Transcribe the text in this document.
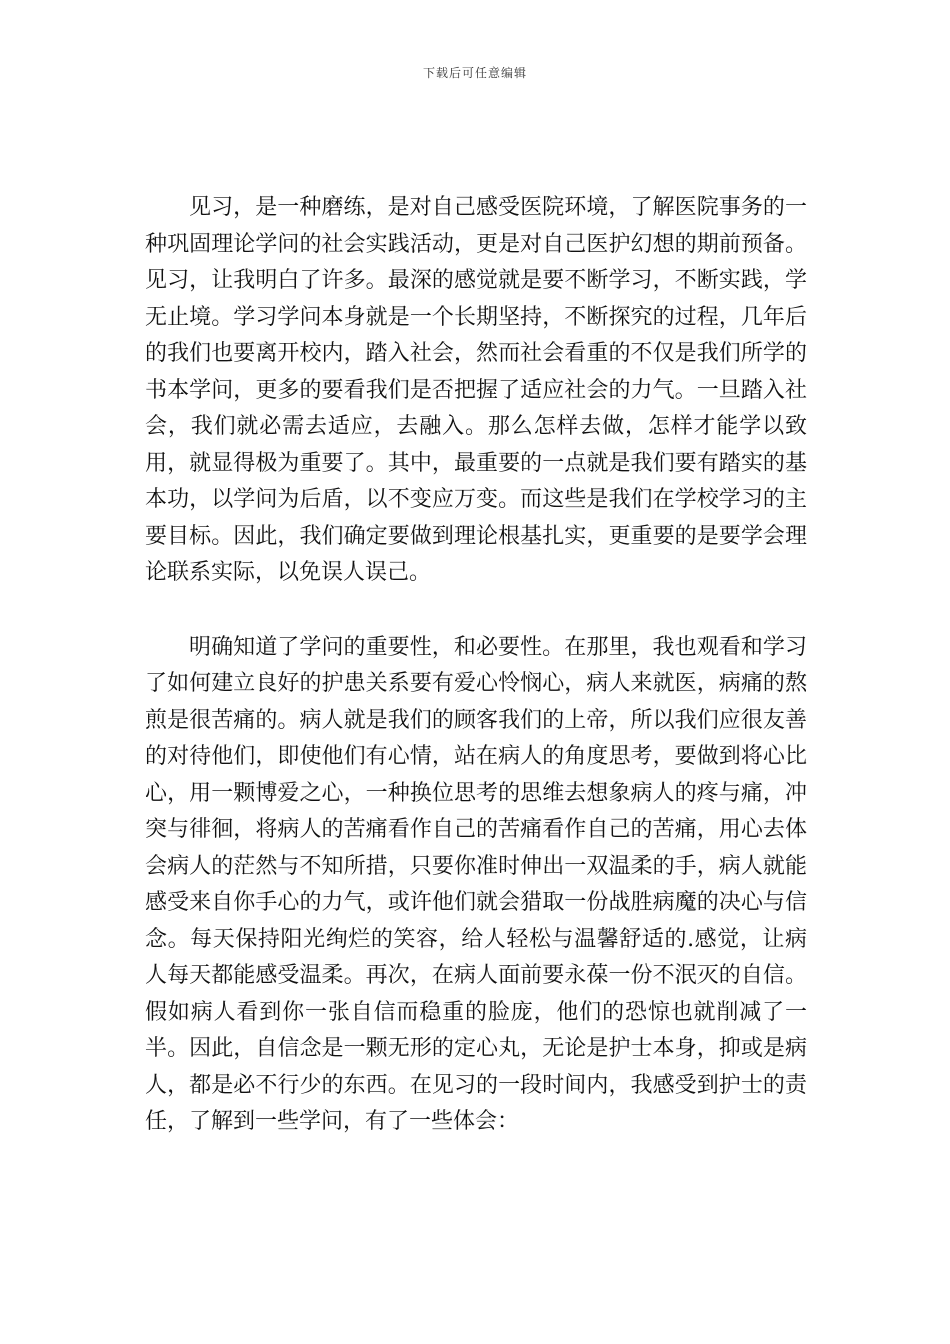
下载后可任意编辑

见习，是一种磨练，是对自己感受医院环境，了解医院事务的一种巩固理论学问的社会实践活动，更是对自己医护幻想的期前预备。见习，让我明白了许多。最深的感觉就是要不断学习，不断实践，学无止境。学习学问本身就是一个长期坚持，不断探究的过程，几年后的我们也要离开校内，踏入社会，然而社会看重的不仅是我们所学的书本学问，更多的要看我们是否把握了适应社会的力气。一旦踏入社会，我们就必需去适应，去融入。那么怎样去做，怎样才能学以致用，就显得极为重要了。其中，最重要的一点就是我们要有踏实的基本功，以学问为后盾，以不变应万变。而这些是我们在学校学习的主要目标。因此，我们确定要做到理论根基扎实，更重要的是要学会理论联系实际，以免误人误己。

明确知道了学问的重要性，和必要性。在那里，我也观看和学习了如何建立良好的护患关系要有爱心怜悯心，病人来就医，病痛的熬煎是很苦痛的。病人就是我们的顾客我们的上帝，所以我们应很友善的对待他们，即使他们有心情，站在病人的角度思考，要做到将心比心，用一颗博爱之心，一种换位思考的思维去想象病人的疼与痛，冲突与徘徊，将病人的苦痛看作自己的苦痛看作自己的苦痛，用心去体会病人的茫然与不知所措，只要你准时伸出一双温柔的手，病人就能感受来自你手心的力气，或许他们就会猎取一份战胜病魔的决心与信念。每天保持阳光绚烂的笑容，给人轻松与温馨舒适的.感觉，让病人每天都能感受温柔。再次，在病人面前要永葆一份不泯灭的自信。假如病人看到你一张自信而稳重的脸庞，他们的恐惊也就削减了一半。因此，自信念是一颗无形的定心丸，无论是护士本身，抑或是病人，都是必不行少的东西。在见习的一段时间内，我感受到护士的责任，了解到一些学问，有了一些体会：
